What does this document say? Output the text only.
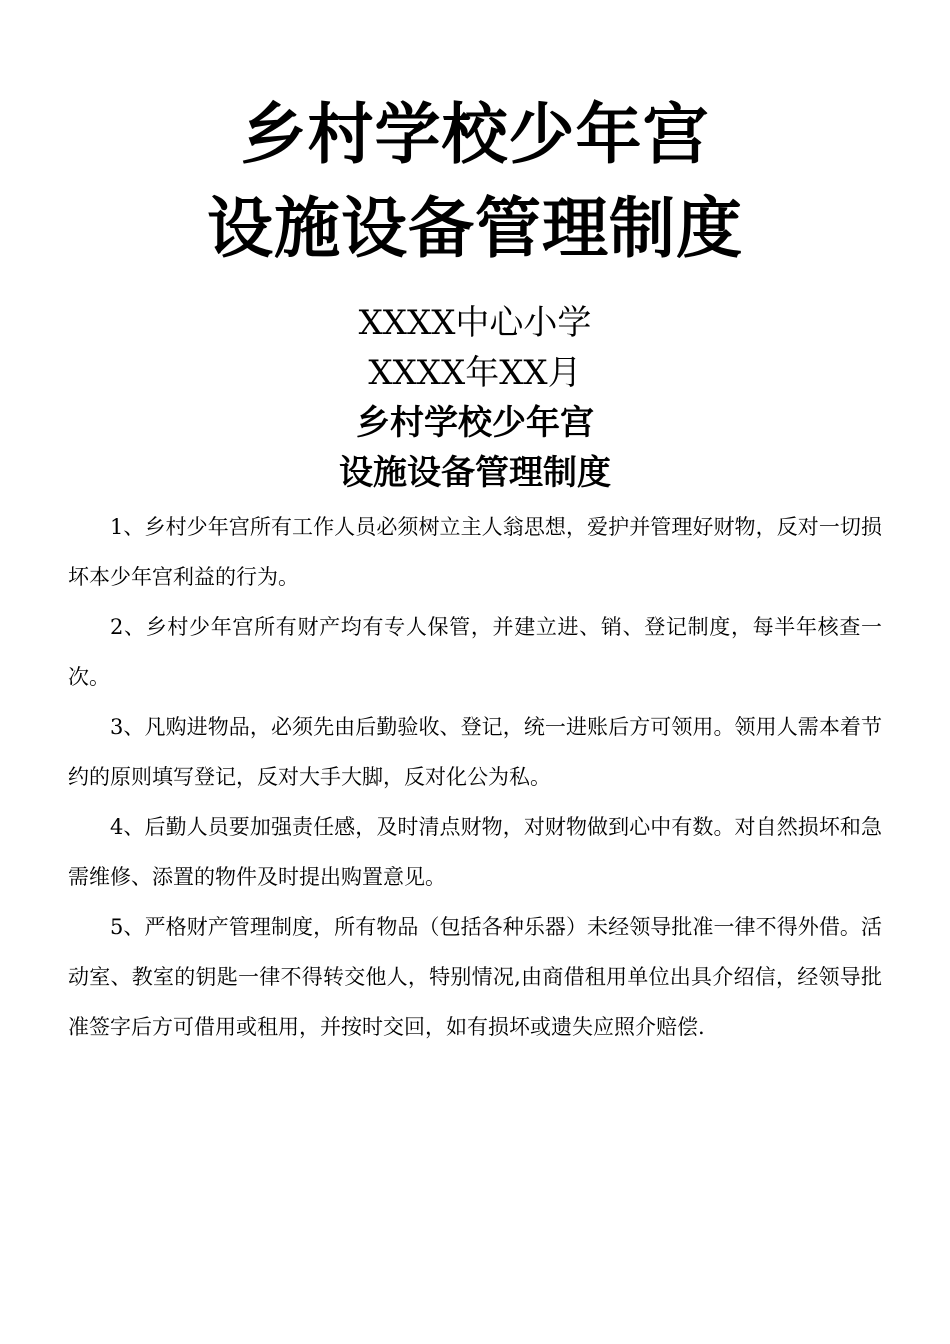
乡村学校少年宫
设施设备管理制度

XXXX中心小学

XXXX年XX月

乡村学校少年宫

设施设备管理制度

1、乡村少年宫所有工作人员必须树立主人翁思想，爱护并管理好财物，反对一切损坏本少年宫利益的行为。

2、乡村少年宫所有财产均有专人保管，并建立进、销、登记制度，每半年核查一次。

3、凡购进物品，必须先由后勤验收、登记，统一进账后方可领用。领用人需本着节约的原则填写登记，反对大手大脚，反对化公为私。

4、后勤人员要加强责任感，及时清点财物，对财物做到心中有数。对自然损坏和急需维修、添置的物件及时提出购置意见。

5、严格财产管理制度，所有物品（包括各种乐器）未经领导批准一律不得外借。活动室、教室的钥匙一律不得转交他人，特别情况,由商借租用单位出具介绍信，经领导批准签字后方可借用或租用，并按时交回，如有损坏或遗失应照介赔偿.
